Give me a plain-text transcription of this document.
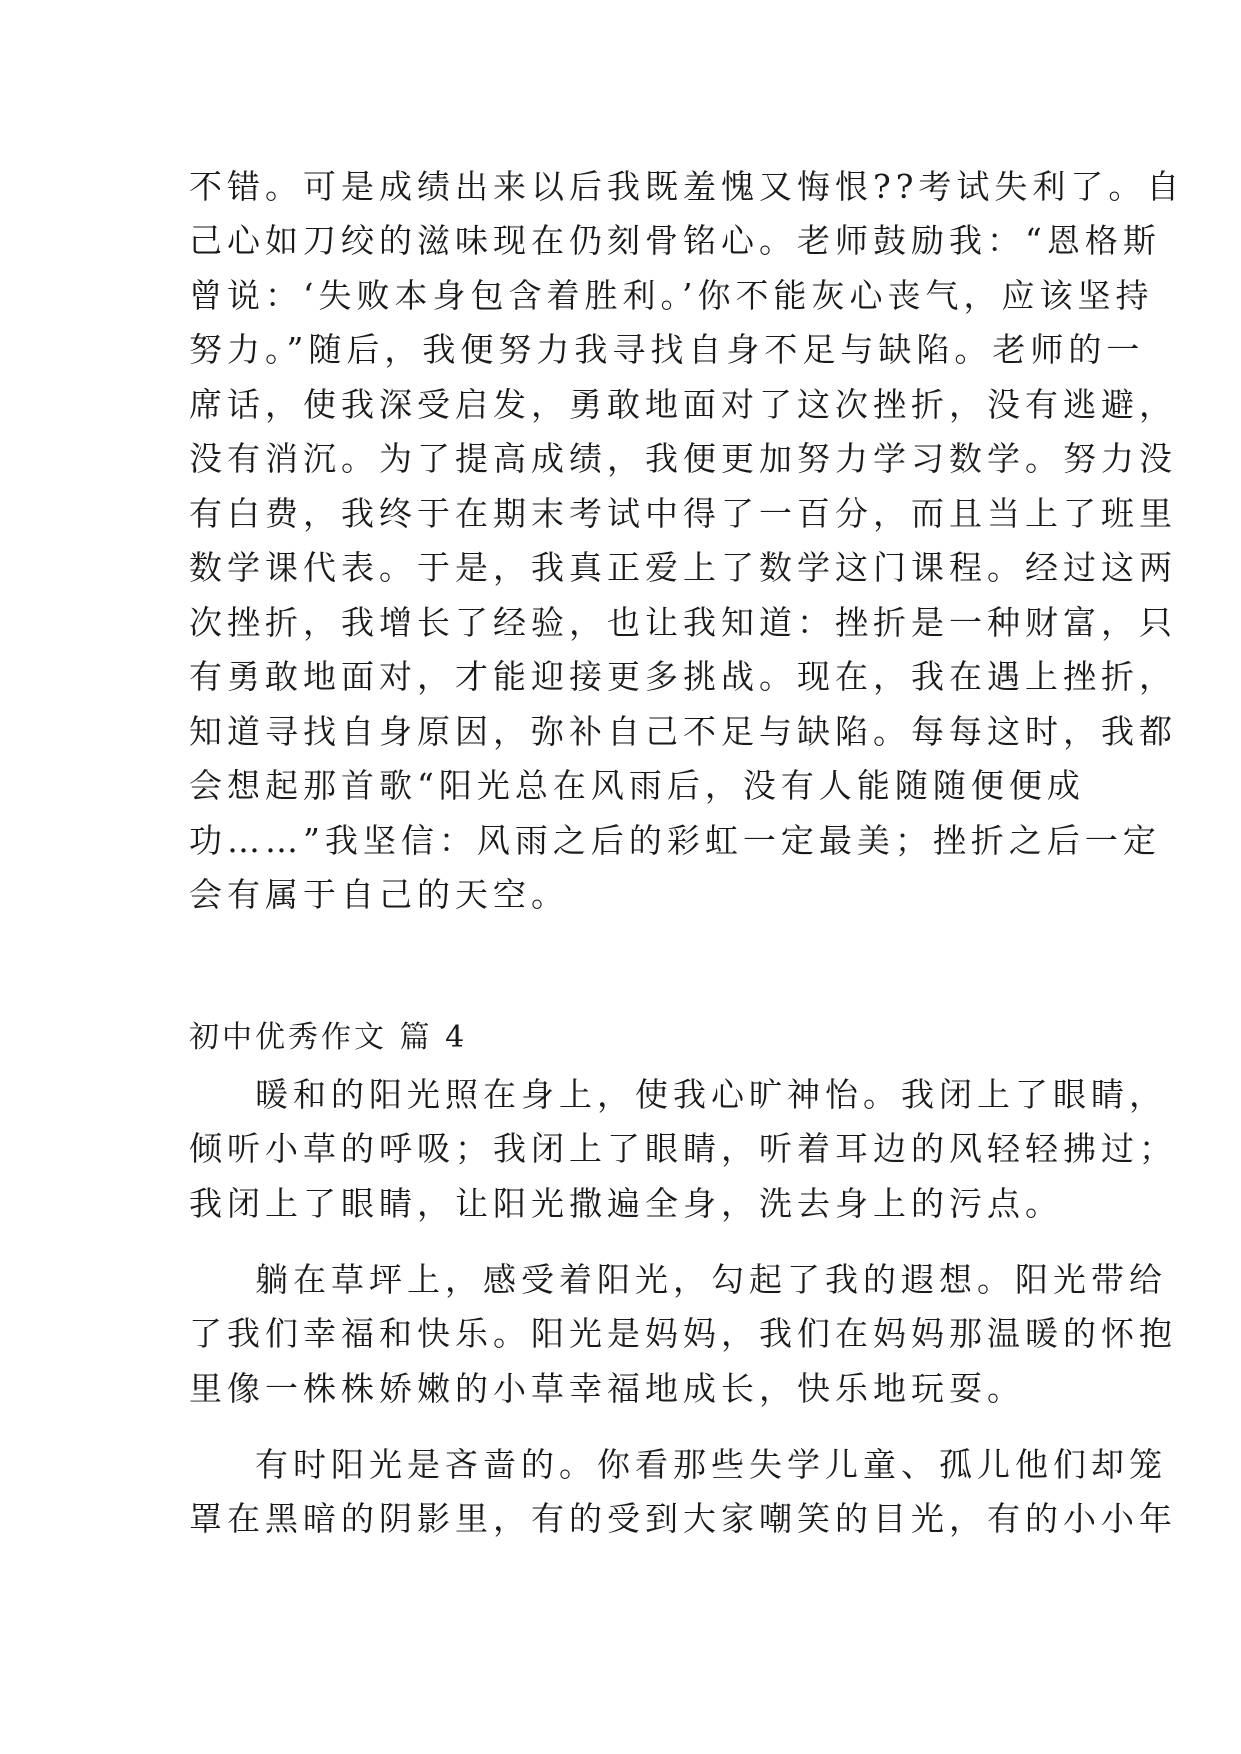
不错。可是成绩出来以后我既羞愧又悔恨??考试失利了。自
己心如刀绞的滋味现在仍刻骨铭心。老师鼓励我：“恩格斯
曾说：‘失败本身包含着胜利。’你不能灰心丧气，应该坚持
努力。”随后，我便努力我寻找自身不足与缺陷。老师的一
席话，使我深受启发，勇敢地面对了这次挫折，没有逃避，
没有消沉。为了提高成绩，我便更加努力学习数学。努力没
有白费，我终于在期末考试中得了一百分，而且当上了班里
数学课代表。于是，我真正爱上了数学这门课程。经过这两
次挫折，我增长了经验，也让我知道：挫折是一种财富，只
有勇敢地面对，才能迎接更多挑战。现在，我在遇上挫折，
知道寻找自身原因，弥补自己不足与缺陷。每每这时，我都
会想起那首歌“阳光总在风雨后，没有人能随随便便成
功……”我坚信：风雨之后的彩虹一定最美；挫折之后一定
会有属于自己的天空。
初中优秀作文 篇 4
暖和的阳光照在身上，使我心旷神怡。我闭上了眼睛，
倾听小草的呼吸；我闭上了眼睛，听着耳边的风轻轻拂过；
我闭上了眼睛，让阳光撒遍全身，洗去身上的污点。
躺在草坪上，感受着阳光，勾起了我的遐想。阳光带给
了我们幸福和快乐。阳光是妈妈，我们在妈妈那温暖的怀抱
里像一株株娇嫩的小草幸福地成长，快乐地玩耍。
有时阳光是吝啬的。你看那些失学儿童、孤儿他们却笼
罩在黑暗的阴影里，有的受到大家嘲笑的目光，有的小小年
